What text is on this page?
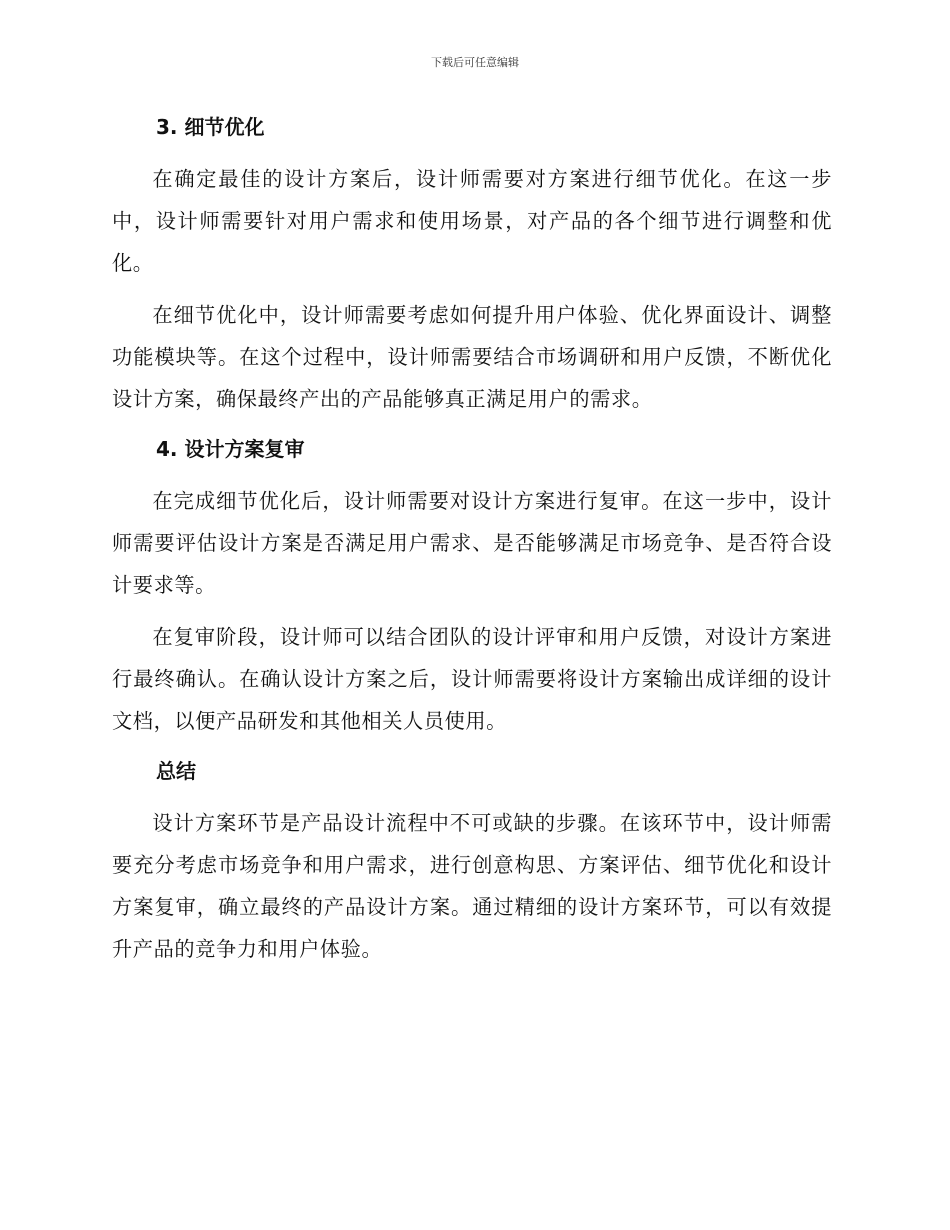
下载后可任意编辑
3. 细节优化

在确定最佳的设计方案后，设计师需要对方案进行细节优化。在这一步中，设计师需要针对用户需求和使用场景，对产品的各个细节进行调整和优化。

在细节优化中，设计师需要考虑如何提升用户体验、优化界面设计、调整功能模块等。在这个过程中，设计师需要结合市场调研和用户反馈，不断优化设计方案，确保最终产出的产品能够真正满足用户的需求。

4. 设计方案复审

在完成细节优化后，设计师需要对设计方案进行复审。在这一步中，设计师需要评估设计方案是否满足用户需求、是否能够满足市场竞争、是否符合设计要求等。

在复审阶段，设计师可以结合团队的设计评审和用户反馈，对设计方案进行最终确认。在确认设计方案之后，设计师需要将设计方案输出成详细的设计文档，以便产品研发和其他相关人员使用。

总结

设计方案环节是产品设计流程中不可或缺的步骤。在该环节中，设计师需要充分考虑市场竞争和用户需求，进行创意构思、方案评估、细节优化和设计方案复审，确立最终的产品设计方案。通过精细的设计方案环节，可以有效提升产品的竞争力和用户体验。
